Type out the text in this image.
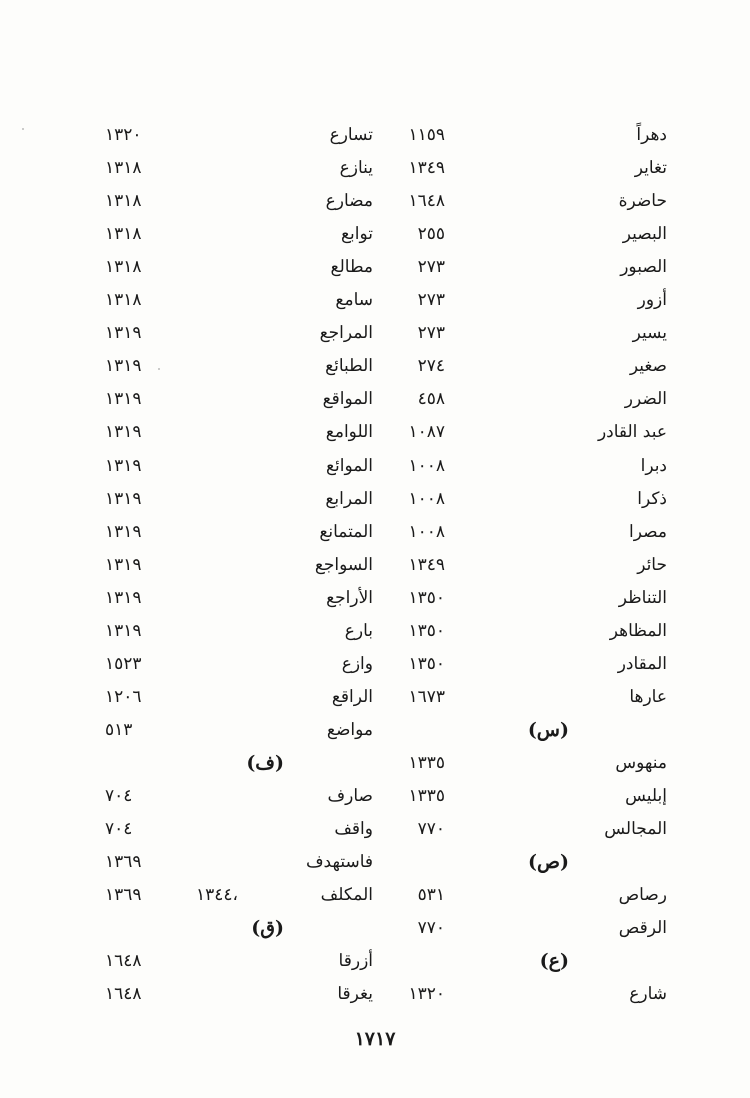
دهراً
١١٥٩
تسارع
١٣٢٠
تغاير
١٣٤٩
ينازع
١٣١٨
حاضرة
١٦٤٨
مضارع
١٣١٨
البصير
٢٥٥
توابع
١٣١٨
الصبور
٢٧٣
مطالع
١٣١٨
أزور
٢٧٣
سامع
١٣١٨
يسير
٢٧٣
المراجع
١٣١٩
صغير
٢٧٤
الطبائع
١٣١٩
الضرر
٤٥٨
المواقع
١٣١٩
عبد القادر
١٠٨٧
اللوامع
١٣١٩
دبرا
١٠٠٨
الموائع
١٣١٩
ذكرا
١٠٠٨
المرابع
١٣١٩
مصرا
١٠٠٨
المتمانع
١٣١٩
حائر
١٣٤٩
السواجع
١٣١٩
التناظر
١٣٥٠
الأراجع
١٣١٩
المظاهر
١٣٥٠
بارع
١٣١٩
المقادر
١٣٥٠
وازع
١٥٢٣
عارها
١٦٧٣
الراقع
١٢٠٦
(س)
مواضع
٥١٣
منهوس
١٣٣٥
(ف)
إبليس
١٣٣٥
صارف
٧٠٤
المجالس
٧٧٠
واقف
٧٠٤
(ص)
فاستهدف
١٣٦٩
رصاص
٥٣١
المكلف
١٣٦٩	١٣٤٤،
الرقص
٧٧٠
(ق)
(ع)
أزرقا
١٦٤٨
شارع
١٣٢٠
يغرقا
١٦٤٨
١٧١٧
